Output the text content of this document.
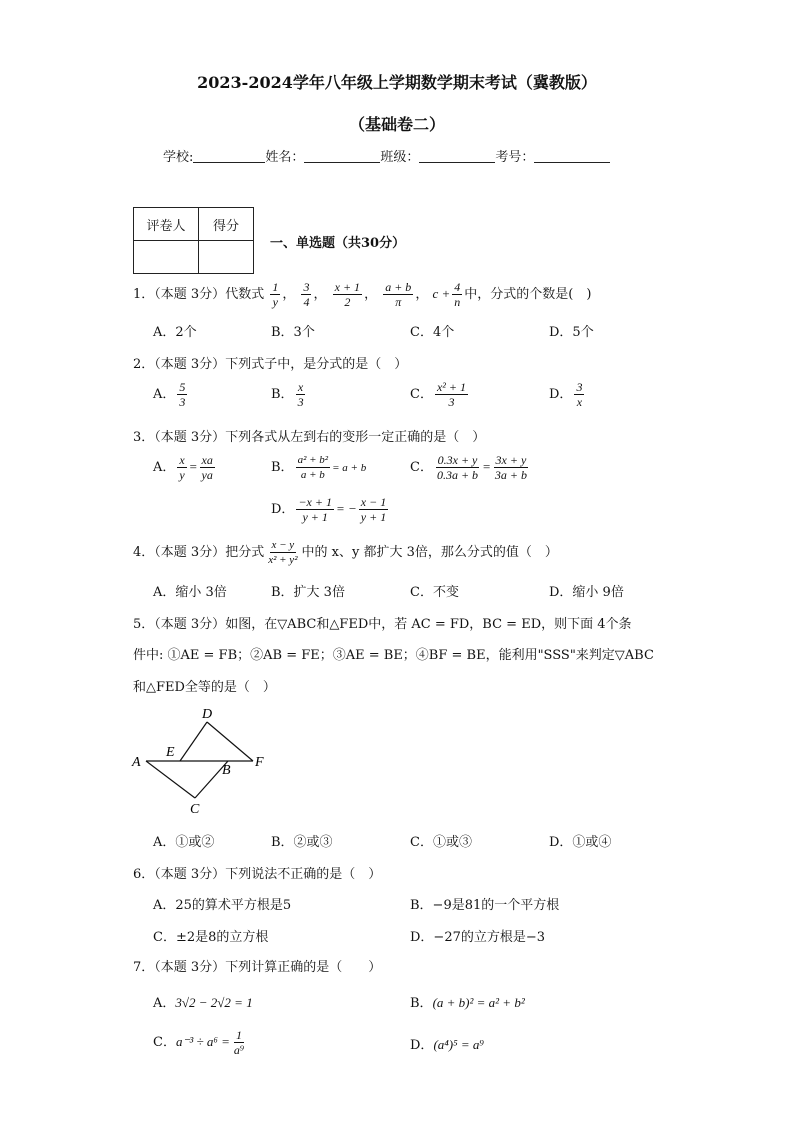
2023-2024学年八年级上学期数学期末考试（冀教版）
（基础卷二）
学校:	姓名：	班级：	考号：
评卷人	得分

一、单选题（共30分）
1．（本题 3分）代数式 $\frac{1}{y}$ ， $\frac{3}{4}$ ， $\frac{x + 1}{2}$ ， $\frac{a + b}{\pi}$ ， $c + \frac{4}{n}$ 中，分式的个数是(　)
A．2个	B．3个	C．4个	D．5个
2．（本题 3分）下列式子中，是分式的是（　）
A． $\frac{5}{3}$	B． $\frac{x}{3}$	C． $\frac{\text{x² + 1}}{3}$	D． $\frac{3}{x}$
3．（本题 3分）下列各式从左到右的变形一定正确的是（　）
A． $\frac{x}{y} = \frac{xa}{ya}$	B． $\frac{\text{a² + b²}}{a + b} = a + b$	C． $\frac{0.3x + y}{0.3a + b} = \frac{3x + y}{3a + b}$
D． $\frac{-x + 1}{y + 1}$ = − $\frac{x - 1}{y + 1}$
4．（本题 3分）把分式 $\frac{x - y}{\text{x² + y²}}$ 中的 x、y 都扩大 3倍，那么分式的值（　）
A．缩小 3倍	B．扩大 3倍	C．不变	D．缩小 9倍
5．（本题 3分）如图，在▽ABC和△FED中，若 AC = FD，BC = ED，则下面 4个条
件中: ①AE = FB；②AB = FE；③AE = BE；④BF = BE，能利用"SSS"来判定▽ABC
和△FED全等的是（　）
D
E
A
B
F
C
A．①或②	B．②或③	C．①或③	D．①或④
6．（本题 3分）下列说法不正确的是（　）
A．25的算术平方根是5	B．−9是81的一个平方根
C．±2是8的立方根	D．−27的立方根是−3
7．（本题 3分）下列计算正确的是（　　）
A．3√2 − 2√2 = 1	B．(a + b)² = a² + b²
C．$a^{-3} \div a^6 = \frac{1}{\text{a⁹}}$	D．(a⁴)⁵ = a⁹
